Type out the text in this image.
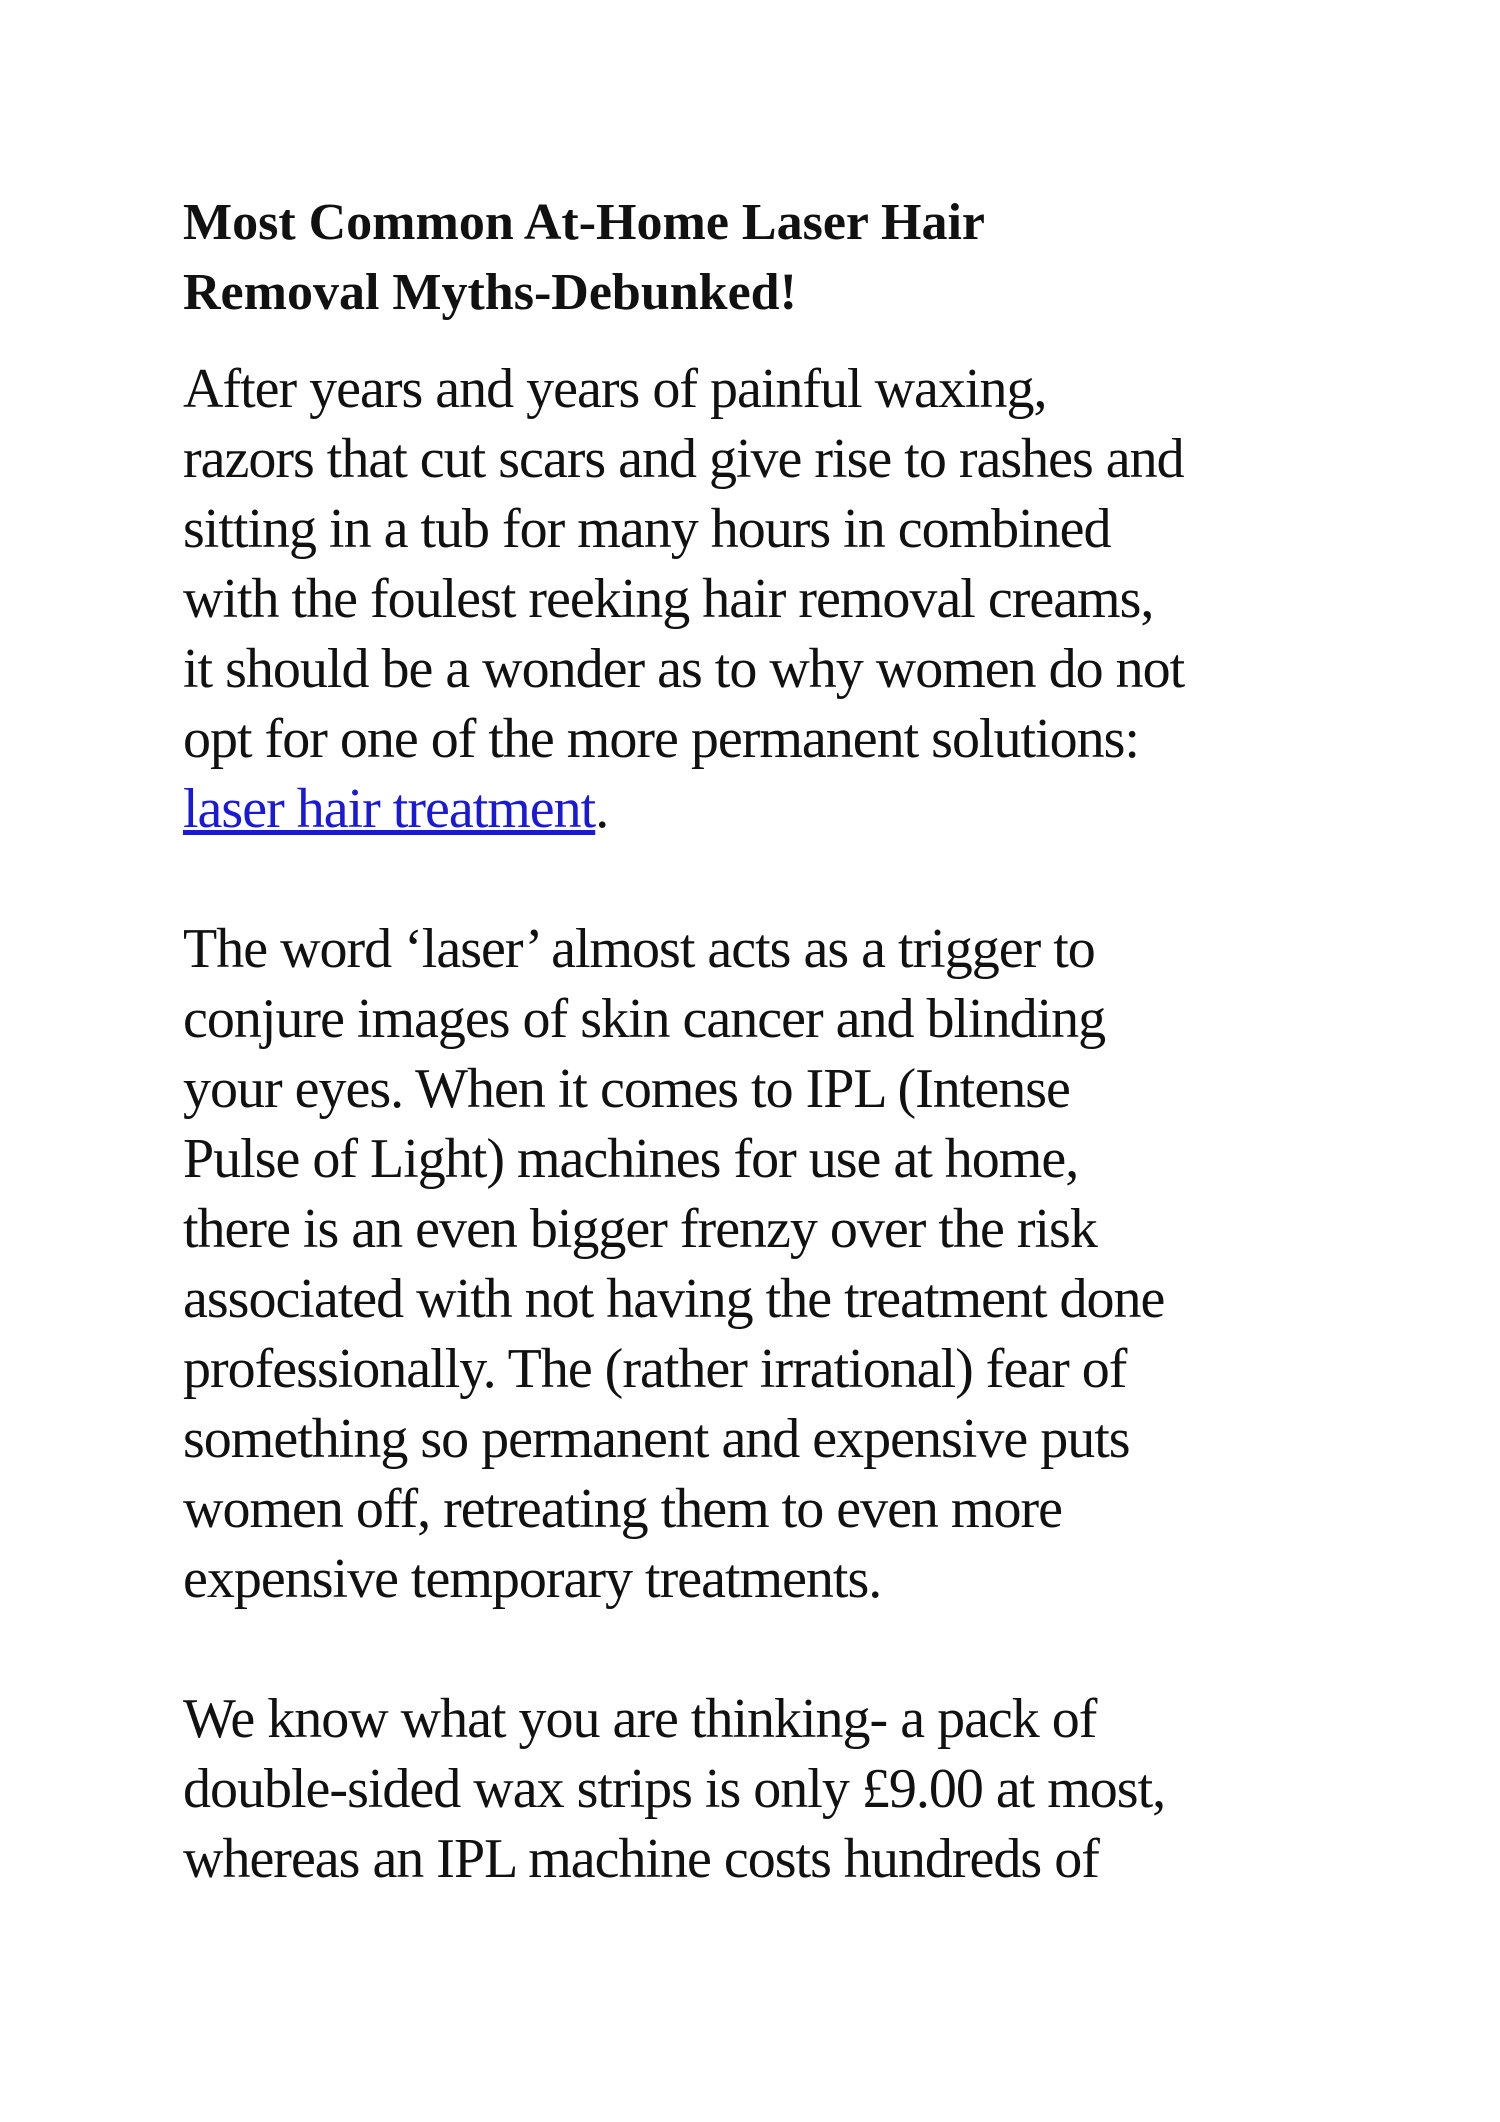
Most Common At-Home Laser Hair
Removal Myths-Debunked!
After years and years of painful waxing,
razors that cut scars and give rise to rashes and
sitting in a tub for many hours in combined
with the foulest reeking hair removal creams,
it should be a wonder as to why women do not
opt for one of the more permanent solutions:
laser hair treatment.
The word ‘laser’ almost acts as a trigger to
conjure images of skin cancer and blinding
your eyes. When it comes to IPL (Intense
Pulse of Light) machines for use at home,
there is an even bigger frenzy over the risk
associated with not having the treatment done
professionally. The (rather irrational) fear of
something so permanent and expensive puts
women off, retreating them to even more
expensive temporary treatments.
We know what you are thinking- a pack of
double-sided wax strips is only £9.00 at most,
whereas an IPL machine costs hundreds of
